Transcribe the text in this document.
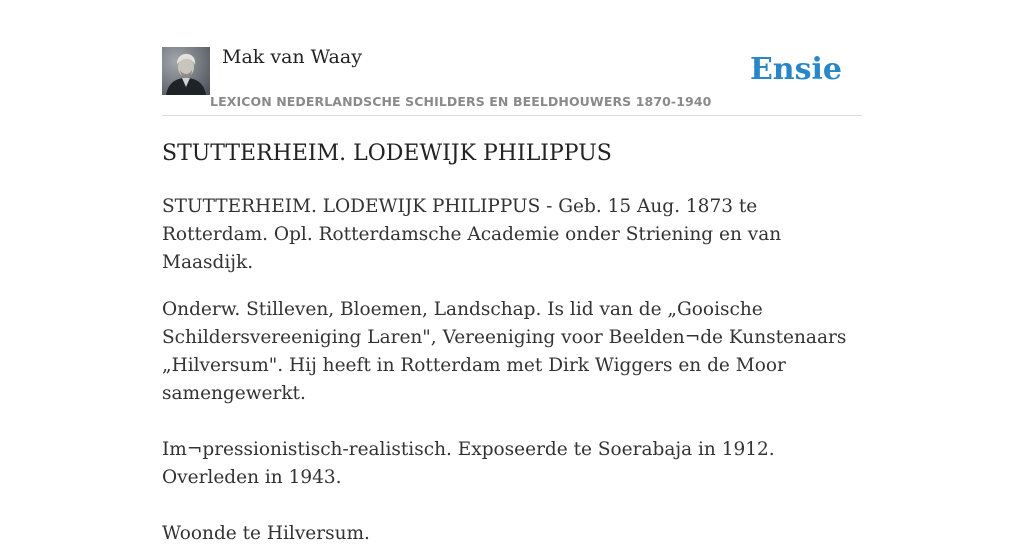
Mak van Waay	Ensie
LEXICON NEDERLANDSCHE SCHILDERS EN BEELDHOUWERS 1870-1940
STUTTERHEIM. LODEWIJK PHILIPPUS

STUTTERHEIM. LODEWIJK PHILIPPUS - Geb. 15 Aug. 1873 te Rotterdam. Opl. Rotterdamsche Academie onder Striening en van Maasdijk.

Onderw. Stilleven, Bloemen, Landschap. Is lid van de „Gooische Schildersvereeniging Laren", Vereeniging voor Beelden¬de Kunstenaars „Hilversum". Hij heeft in Rotterdam met Dirk Wiggers en de Moor samengewerkt.

Im¬pressionistisch-realistisch. Exposeerde te Soerabaja in 1912. Overleden in 1943.

Woonde te Hilversum.
